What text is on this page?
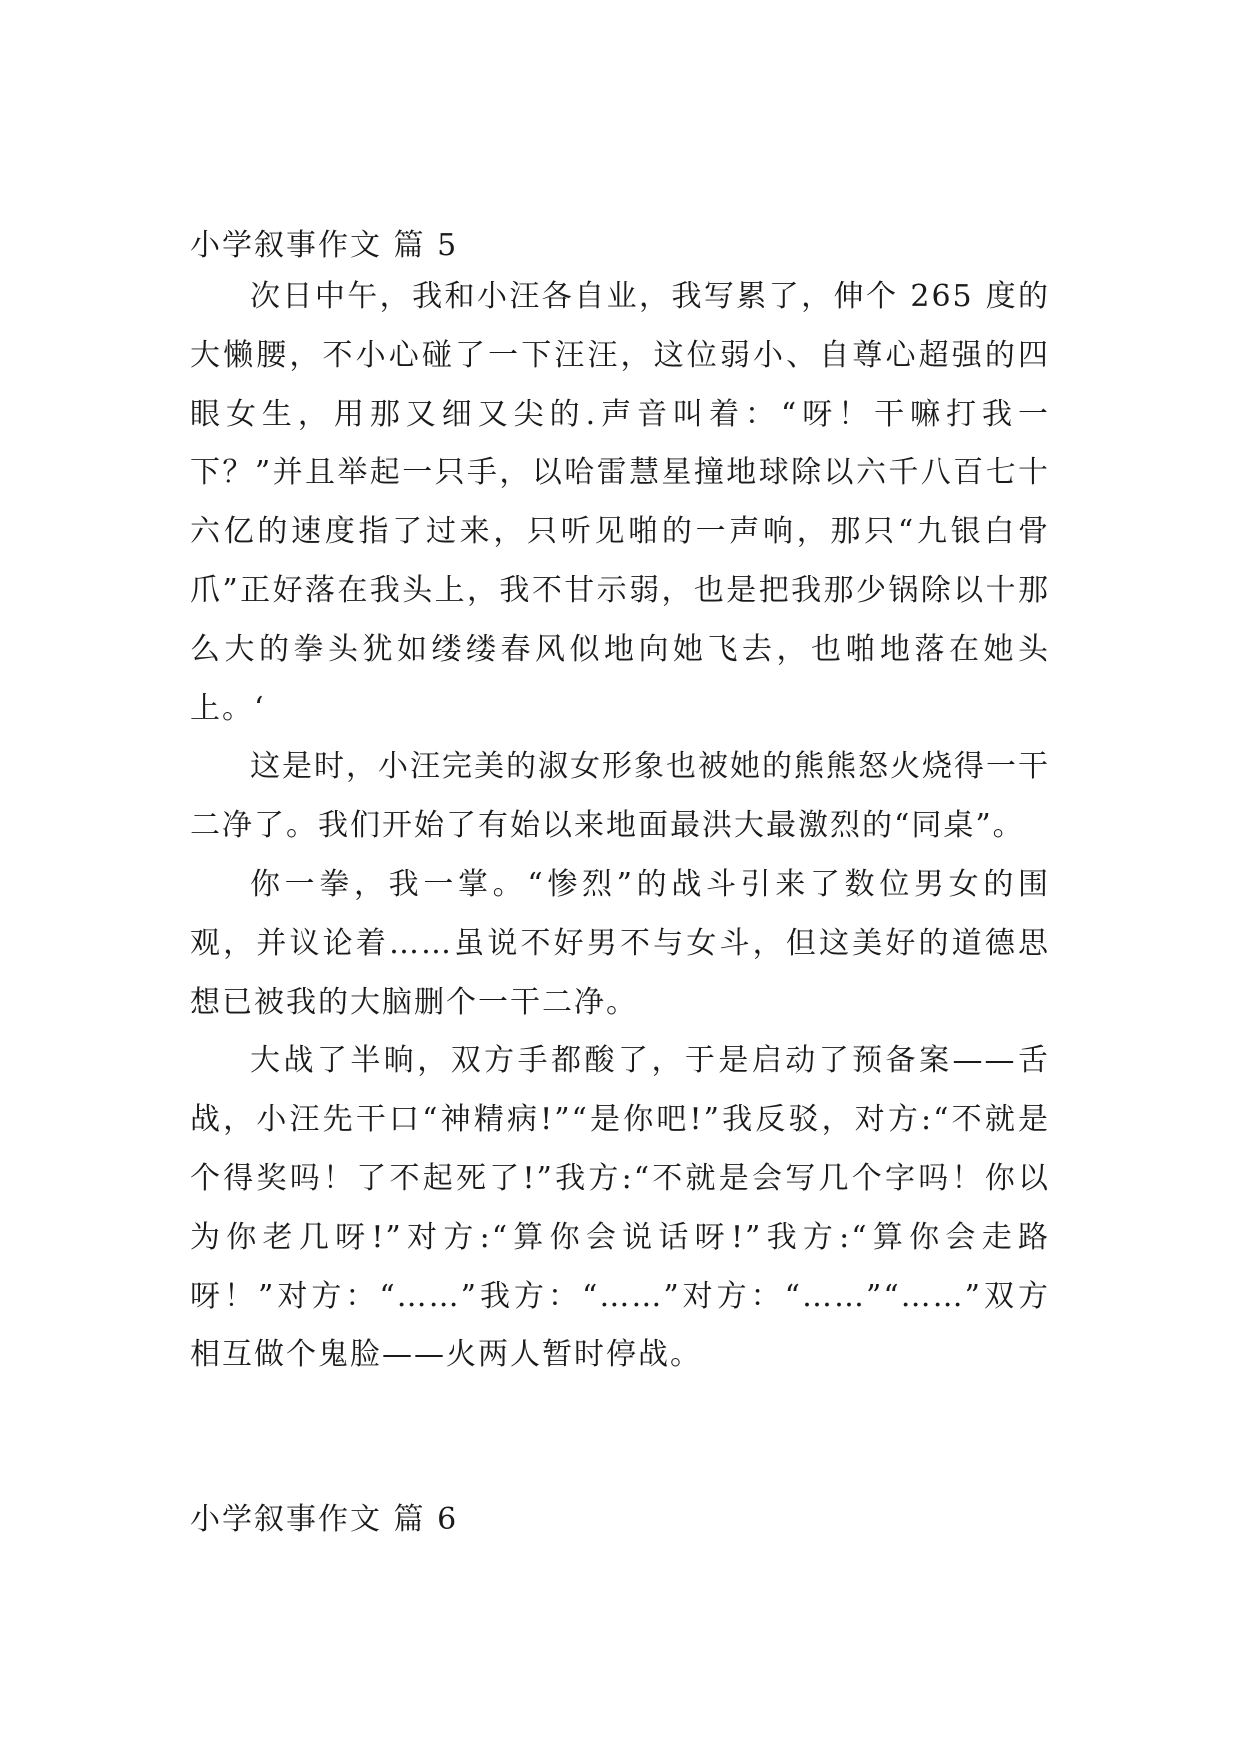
小学叙事作文 篇 5

次日中午，我和小汪各自业，我写累了，伸个 265 度的大懒腰，不小心碰了一下汪汪，这位弱小、自尊心超强的四眼女生，用那又细又尖的.声音叫着：“呀！干嘛打我一下？”并且举起一只手，以哈雷慧星撞地球除以六千八百七十六亿的速度指了过来，只听见啪的一声响，那只“九银白骨爪”正好落在我头上，我不甘示弱，也是把我那少锅除以十那么大的拳头犹如缕缕春风似地向她飞去，也啪地落在她头上。‘

这是时，小汪完美的淑女形象也被她的熊熊怒火烧得一干二净了。我们开始了有始以来地面最洪大最激烈的“同桌”。

你一拳，我一掌。“惨烈”的战斗引来了数位男女的围观，并议论着……虽说不好男不与女斗，但这美好的道德思想已被我的大脑删个一干二净。

大战了半晌，双方手都酸了，于是启动了预备案——舌战，小汪先干口“神精病!”“是你吧!”我反驳，对方:“不就是个得奖吗！了不起死了!”我方:“不就是会写几个字吗！你以为你老几呀!”对方:“算你会说话呀!”我方:“算你会走路呀！”对方：“……”我方：“……”对方：“……”“……”双方相互做个鬼脸——火两人暂时停战。

小学叙事作文 篇 6
